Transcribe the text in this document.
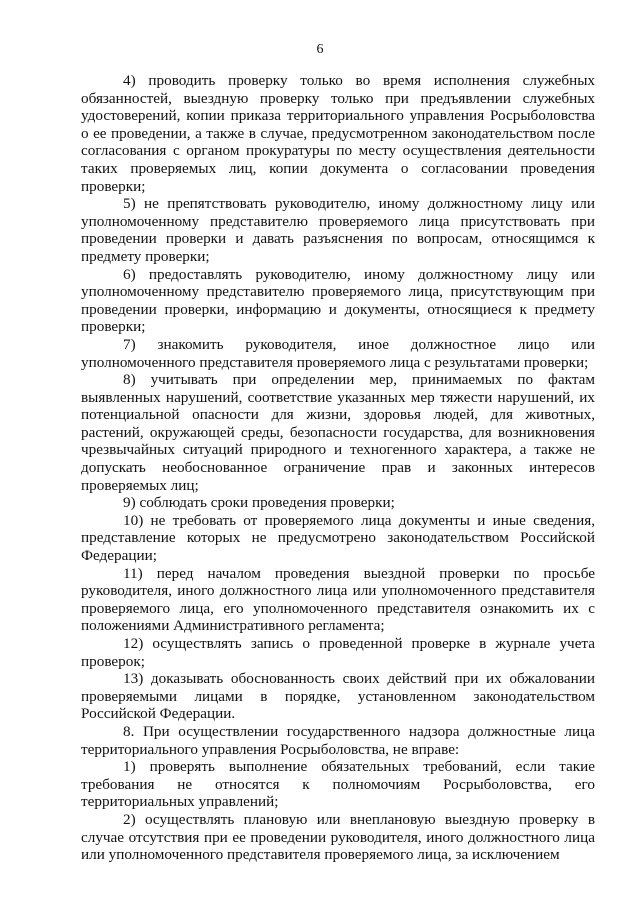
6

4) проводить проверку только во время исполнения служебных обязанностей, выездную проверку только при предъявлении служебных удостоверений, копии приказа территориального управления Росрыболовства о ее проведении, а также в случае, предусмотренном законодательством после согласования с органом прокуратуры по месту осуществления деятельности таких проверяемых лиц, копии документа о согласовании проведения проверки;

5) не препятствовать руководителю, иному должностному лицу или уполномоченному представителю проверяемого лица присутствовать при проведении проверки и давать разъяснения по вопросам, относящимся к предмету проверки;

6) предоставлять руководителю, иному должностному лицу или уполномоченному представителю проверяемого лица, присутствующим при проведении проверки, информацию и документы, относящиеся к предмету проверки;

7) знакомить руководителя, иное должностное лицо или уполномоченного представителя проверяемого лица с результатами проверки;

8) учитывать при определении мер, принимаемых по фактам выявленных нарушений, соответствие указанных мер тяжести нарушений, их потенциальной опасности для жизни, здоровья людей, для животных, растений, окружающей среды, безопасности государства, для возникновения чрезвычайных ситуаций природного и техногенного характера, а также не допускать необоснованное ограничение прав и законных интересов проверяемых лиц;

9) соблюдать сроки проведения проверки;

10) не требовать от проверяемого лица документы и иные сведения, представление которых не предусмотрено законодательством Российской Федерации;

11) перед началом проведения выездной проверки по просьбе руководителя, иного должностного лица или уполномоченного представителя проверяемого лица, его уполномоченного представителя ознакомить их с положениями Административного регламента;

12) осуществлять запись о проведенной проверке в журнале учета проверок;

13) доказывать обоснованность своих действий при их обжаловании проверяемыми лицами в порядке, установленном законодательством Российской Федерации.

8. При осуществлении государственного надзора должностные лица территориального управления Росрыболовства, не вправе:

1) проверять выполнение обязательных требований, если такие требования не относятся к полномочиям Росрыболовства, его территориальных управлений;

2) осуществлять плановую или внеплановую выездную проверку в случае отсутствия при ее проведении руководителя, иного должностного лица или уполномоченного представителя проверяемого лица, за исключением
